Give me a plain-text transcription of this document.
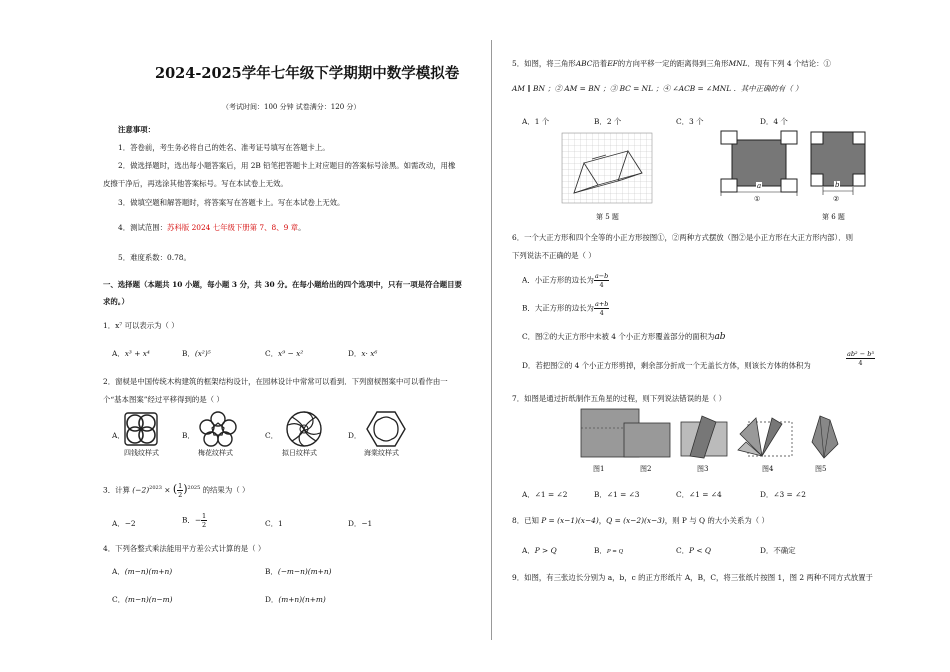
2024-2025学年七年级下学期期中数学模拟卷
（考试时间：100 分钟 试卷满分：120 分）
注意事项：
1．答卷前，考生务必将自己的姓名、准考证号填写在答题卡上。
2．做选择题时，选出每小题答案后，用 2B 铅笔把答题卡上对应题目的答案标号涂黑。如需改动，用橡
皮擦干净后，再选涂其他答案标号。写在本试卷上无效。
3．做填空题和解答题时，将答案写在答题卡上。写在本试卷上无效。
4．测试范围：苏科版 2024 七年级下册第 7、8、9 章。
5．难度系数：0.78。
一、选择题（本题共 10 小题，每小题 3 分，共 30 分。在每小题给出的四个选项中，只有一项是符合题目要
求的。）
1．x⁷ 可以表示为（ ）
A．x³ + x⁴	B．(x²)⁵	C．x⁹ − x²	D．x· x⁶
2．窗棂是中国传统木构建筑的框架结构设计，在园林设计中常常可以看到．下列窗棂图案中可以看作由一
个“基本图案”经过平移得到的是（ ）
A．	B．	C．	D．
四钱纹样式	梅花纹样式	拟日纹样式	海棠纹样式
3．计算 $(-2)^{2023}$ × ( $\frac{1}{2} )^{2025}$ 的结果为（ ）
A．−2	B．− $\frac{1}{2}$	C．1	D．−1
4．下列各整式乘法能用平方差公式计算的是（ ）
A．(m−n)(m+n)	B．(−m−n)(m+n)
C．(m−n)(n−m)	D．(m+n)(n+m)
5．如图，将三角形ABC沿着EF的方向平移一定的距离得到三角形MNL．现有下列 4 个结论：①
AM ∥ BN ；② AM = BN ；③ BC = NL ；④ ∠ACB = ∠MNL ．其中正确的有（ ）
A．1 个	B．2 个	C．3 个	D．4 个
第 5 题
a
①
b
②
第 6 题
6．一个大正方形和四个全等的小正方形按图①，②两种方式摆放（图②是小正方形在大正方形内部）．则
下列说法不正确的是（ ）
A．小正方形的边长为 $\frac{a-b}{4}$
B．大正方形的边长为 $\frac{a+b}{4}$
C．图②的大正方形中未被 4 个小正方形覆盖部分的面积为ab
D．若把图②的 4 个小正方形剪掉，剩余部分折成一个无盖长方体，则该长方体的体积为	$\frac{\text{ab² − b³}}{4}$
7．如图是通过折纸制作五角星的过程，则下列说法错误的是（ ）
图1	图2	图3	图4	图5
A．∠1 = ∠2	B．∠1 = ∠3	C．∠1 = ∠4	D．∠3 = ∠2
8．已知 P = (x−1)(x−4)，Q = (x−2)(x−3)，则 P 与 Q 的大小关系为（ ）
A．P > Q	B．P = Q	C．P < Q	D．不确定
9．如图，有三张边长分别为 a，b，c 的正方形纸片 A，B，C，将三张纸片按图 1，图 2 两种不同方式放置于
